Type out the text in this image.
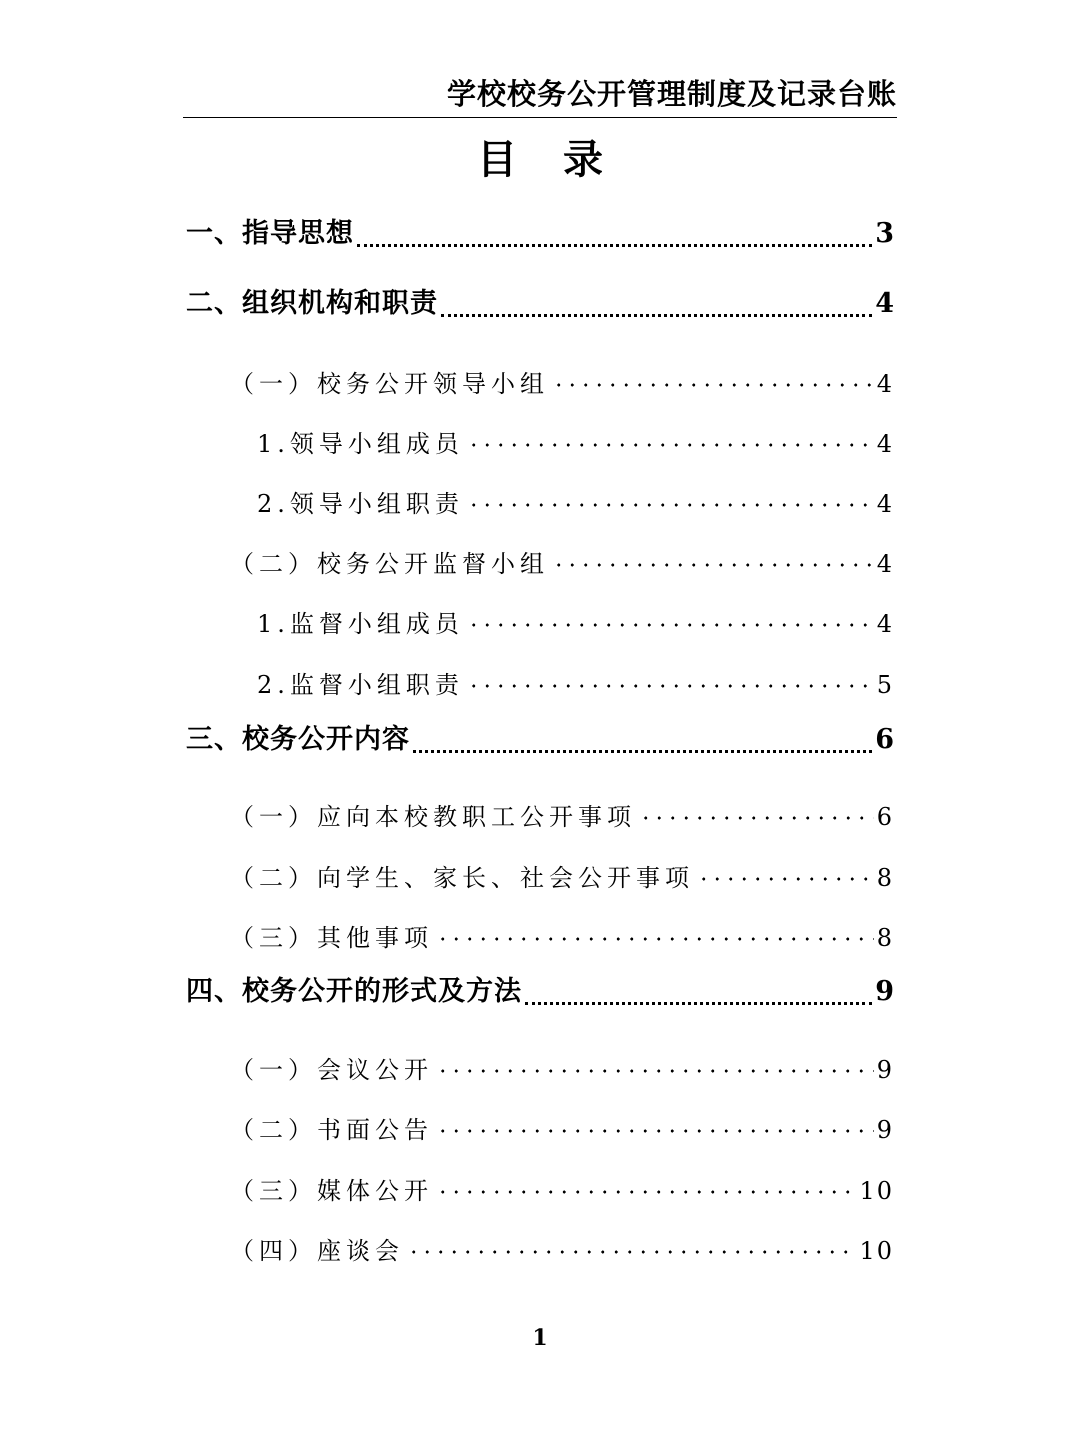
学校校务公开管理制度及记录台账
目 录
一、指导思想	3
二、组织机构和职责	4
（一）校务公开领导小组	4
1.领导小组成员	4
2.领导小组职责	4
（二）校务公开监督小组	4
1.监督小组成员	4
2.监督小组职责	5
三、校务公开内容	6
（一）应向本校教职工公开事项	6
（二）向学生、家长、社会公开事项	8
（三）其他事项	8
四、校务公开的形式及方法	9
（一）会议公开	9
（二）书面公告	9
（三）媒体公开	10
（四）座谈会	10
1
